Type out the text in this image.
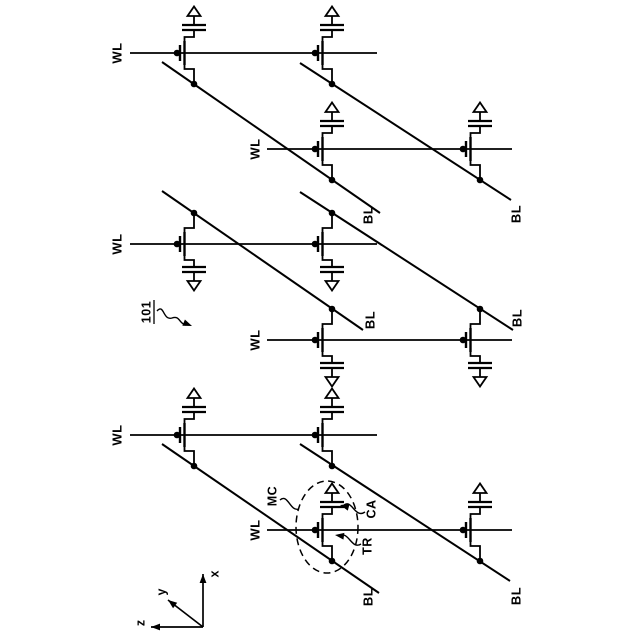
BL	BL
BL	BL
BL	BL
WL
WL
WL
WL
WL
WL
101
MC
CA
TR
x
y
z
